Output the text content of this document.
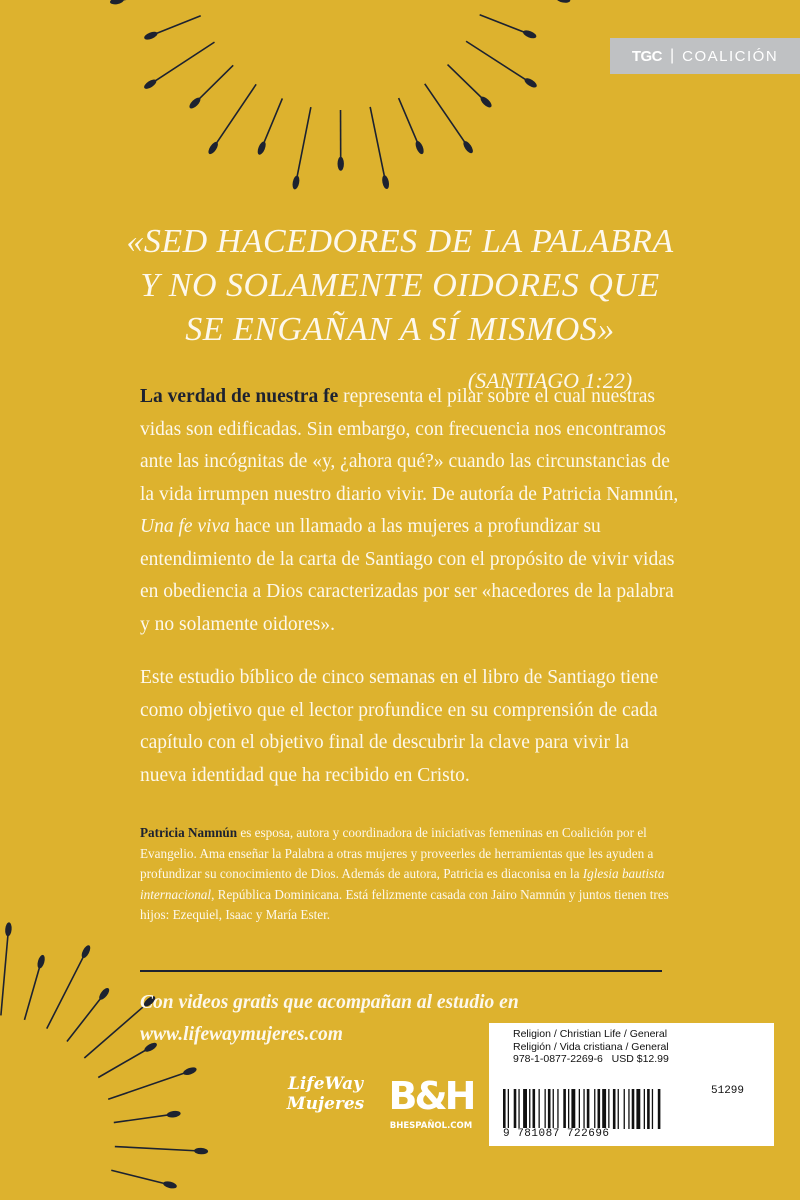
TGC | COALICIÓN
«SED HACEDORES DE LA PALABRA
Y NO SOLAMENTE OIDORES QUE
SE ENGAÑAN A SÍ MISMOS»
(SANTIAGO 1:22)

La verdad de nuestra fe representa el pilar sobre el cual nuestras vidas son edificadas. Sin embargo, con frecuencia nos encontramos ante las incógnitas de «y, ¿ahora qué?» cuando las circunstancias de la vida irrumpen nuestro diario vivir. De autoría de Patricia Namnún, Una fe viva hace un llamado a las mujeres a profundizar su entendimiento de la carta de Santiago con el propósito de vivir vidas en obediencia a Dios caracterizadas por ser «hacedores de la palabra y no solamente oidores».

Este estudio bíblico de cinco semanas en el libro de Santiago tiene como objetivo que el lector profundice en su comprensión de cada capítulo con el objetivo final de descubrir la clave para vivir la nueva identidad que ha recibido en Cristo.

Patricia Namnún es esposa, autora y coordinadora de iniciativas femeninas en Coalición por el Evangelio. Ama enseñar la Palabra a otras mujeres y proveerles de herramientas que les ayuden a profundizar su conocimiento de Dios. Además de autora, Patricia es diaconisa en la Iglesia bautista internacional, República Dominicana. Está felizmente casada con Jairo Namnún y juntos tienen tres hijos: Ezequiel, Isaac y María Ester.
Con videos gratis que acompañan al estudio en
www.lifewaymujeres.com
LifeWay
Mujeres B&H
BHESPAÑOL.COM
Religion / Christian Life / General
Religión / Vida cristiana / General
978-1-0877-2269-6   USD $12.99
51299
9 781087 722696
